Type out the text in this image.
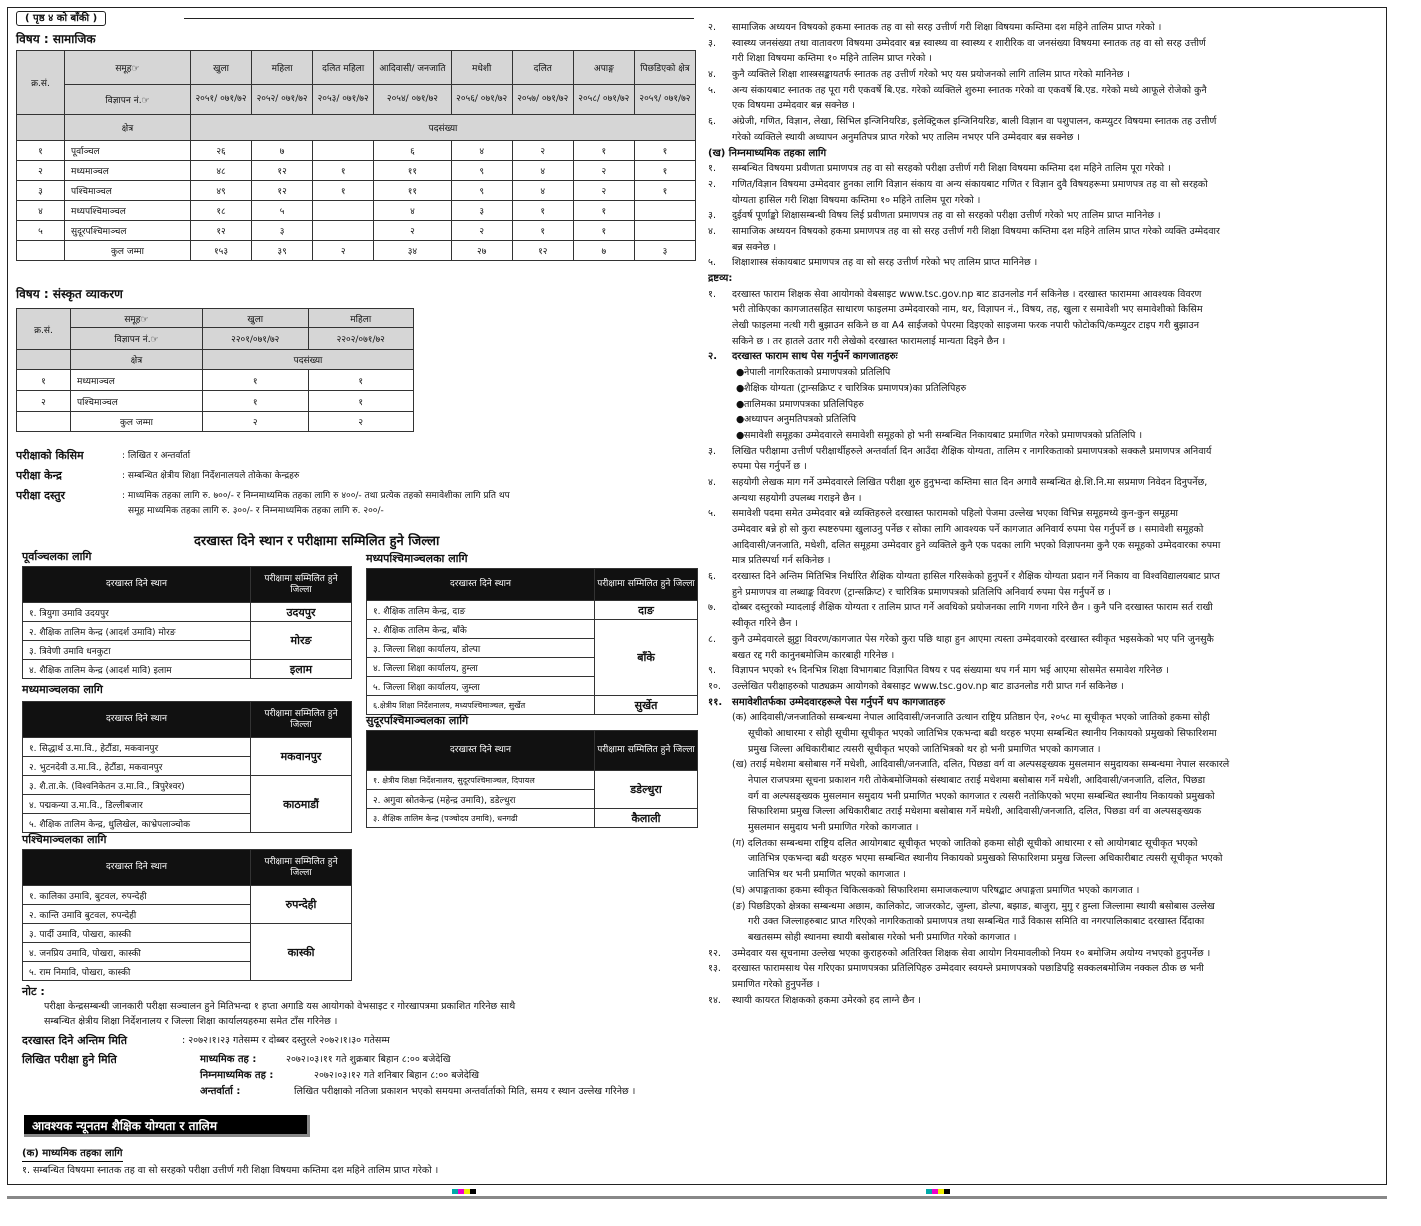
( पृष्ठ ४ को बाँकी )
विषय : सामाजिक
क्र.सं.	समूह☞	खुला	महिला	दलित महिला	आदिवासी/ जनजाति	मधेशी	दलित	अपाङ्ग	पिछडिएको क्षेत्र
	विज्ञापन नं.☞	२०५१/ ०७१/७२	२०५२/ ०७१/७२	२०५३/ ०७१/७२	२०५४/ ०७१/७२	२०५६/ ०७१/७२	२०५७/ ०७१/७२	२०५८/ ०७१/७२	२०५९/ ०७१/७२
	क्षेत्र	पदसंख्या							
१	पूर्वाञ्चल	२६	७		६	४	२	१	१
२	मध्यमाञ्चल	४८	१२	१	११	९	४	२	१
३	पश्चिमाञ्चल	४९	१२	१	११	९	४	२	१
४	मध्यपश्चिमाञ्चल	१८	५		४	३	१	१	
५	सुदूरपश्चिमाञ्चल	१२	३		२	२	१	१	
	कुल जम्मा	१५३	३९	२	३४	२७	१२	७	३
विषय : संस्कृत व्याकरण
क्र.सं.	समूह☞	खुला	महिला
	विज्ञापन नं.☞	२२०१/०७१/७२	२२०२/०७१/७२
	क्षेत्र	पदसंख्या	
१	मध्यमाञ्चल	१	१
२	पश्चिमाञ्चल	१	१
	कुल जम्मा	२	२
परीक्षाको किसिम	: लिखित र अन्तर्वार्ता
परीक्षा केन्द्र	: सम्बन्धित क्षेत्रीय शिक्षा निर्देशनालयले तोकेका केन्द्रहरु
परीक्षा दस्तुर	: माध्यमिक तहका लागि रु. ७००/- र निम्नमाध्यमिक तहका लागि रु ४००/- तथा प्रत्येक तहको समावेशीका लागि प्रति थप
समूह माध्यमिक तहका लागि रु. ३००/- र निम्नमाध्यमिक तहका लागि रु. २००/-
दरखास्त दिने स्थान र परीक्षामा सम्मिलित हुने जिल्ला
पूर्वाञ्चलका लागि
दरखास्त दिने स्थान	परीक्षामा सम्मिलित हुने जिल्ला
१. त्रियुगा उमावि उदयपुर	उदयपुर
२. शैक्षिक तालिम केन्द्र (आदर्श उमावि) मोरङ	मोरङ
३. त्रिवेणी उमावि धनकुटा	
४. शैक्षिक तालिम केन्द्र (आदर्श मावि) इलाम	इलाम
मध्यमाञ्चलका लागि
दरखास्त दिने स्थान	परीक्षामा सम्मिलित हुने जिल्ला
१. सिद्धार्थ उ.मा.वि., हेटौंडा, मकवानपुर	मकवानपुर
२. भुटनदेवी उ.मा.वि., हेटौंडा, मकवानपुर	
३. शै.ता.के. (विश्वनिकेतन उ.मा.वि., त्रिपुरेश्वर)	काठमाडौं
४. पद्मकन्या उ.मा.वि., डिल्लीबजार	
५. शैक्षिक तालिम केन्द्र, धुलिखेल, काभ्रेपलाञ्चोक	
पश्चिमाञ्चलका लागि
दरखास्त दिने स्थान	परीक्षामा सम्मिलित हुने जिल्ला
१. कालिका उमावि, बुटवल, रुपन्देही	रुपन्देही
२. कान्ति उमावि बुटवल, रुपन्देही	
३. पार्दी उमावि, पोखरा, कास्की	कास्की
४. जनप्रिय उमावि, पोखरा, कास्की	
५. राम निमावि, पोखरा, कास्की	
मध्यपश्चिमाञ्चलका लागि
दरखास्त दिने स्थान	परीक्षामा सम्मिलित हुने जिल्ला
१. शैक्षिक तालिम केन्द्र, दाङ	दाङ
२. शैक्षिक तालिम केन्द्र, बाँके	बाँके
३. जिल्ला शिक्षा कार्यालय, डोल्पा	
४. जिल्ला शिक्षा कार्यालय, हुम्ला	
५. जिल्ला शिक्षा कार्यालय, जुम्ला	
६.क्षेत्रीय शिक्षा निर्देशनालय, मध्यपश्चिमाञ्चल, सुर्खेत	सुर्खेत
सुदूरपश्चिमाञ्चलका लागि
दरखास्त दिने स्थान	परीक्षामा सम्मिलित हुने जिल्ला
१. क्षेत्रीय शिक्षा निर्देशनालय, सुदूरपश्चिमाञ्चल, दिपायल	डडेल्धुरा
२. अगुवा स्रोतकेन्द्र (महेन्द्र उमावि), डडेल्धुरा	
३. शैक्षिक तालिम केन्द्र (पञ्चोदय उमावि), धनगढी	कैलाली
नोट :
परीक्षा केन्द्रसम्बन्धी जानकारी परीक्षा सञ्चालन हुने मितिभन्दा १ हप्ता अगाडि यस आयोगको वेभसाइट र गोरखापत्रमा प्रकाशित गरिनेछ साथै
सम्बन्धित क्षेत्रीय शिक्षा निर्देशनालय र जिल्ला शिक्षा कार्यालयहरुमा समेत टाँस गरिनेछ ।
दरखास्त दिने अन्तिम मिति	: २०७२।१।२३ गतेसम्म र दोब्बर दस्तुरले २०७२।१।३० गतेसम्म
लिखित परीक्षा हुने मिति	माध्यमिक तह :	२०७२।०३।११ गते शुक्रबार बिहान ८:०० बजेदेखि
निम्नमाध्यमिक तह :	२०७२।०३।१२ गते शनिबार बिहान ८:०० बजेदेखि
अन्तर्वार्ता :	लिखित परीक्षाको नतिजा प्रकाशन भएको समयमा अन्तर्वार्ताको मिति, समय र स्थान उल्लेख गरिनेछ ।
आवश्यक न्यूनतम शैक्षिक योग्यता र तालिम
(क) माध्यमिक तहका लागि
१. सम्बन्धित विषयमा स्नातक तह वा सो सरहको परीक्षा उत्तीर्ण गरी शिक्षा विषयमा कम्तिमा दश महिने तालिम प्राप्त गरेको ।
२. सामाजिक अध्ययन विषयको हकमा स्नातक तह वा सो सरह उत्तीर्ण गरी शिक्षा विषयमा कम्तिमा दश महिने तालिम प्राप्त गरेको ।
३. स्वास्थ्य जनसंख्या तथा वातावरण विषयमा उम्मेदवार बन्न स्वास्थ्य वा स्वास्थ्य र शारीरिक वा जनसंख्या विषयमा स्नातक तह वा सो सरह उत्तीर्ण
गरी शिक्षा विषयमा कम्तिमा १० महिने तालिम प्राप्त गरेको ।
४. कुनै व्यक्तिले शिक्षा शास्त्रसङ्कायतर्फ स्नातक तह उत्तीर्ण गरेको भए यस प्रयोजनको लागि तालिम प्राप्त गरेको मानिनेछ ।
५. अन्य संकायबाट स्नातक तह पूरा गरी एकवर्षे बि.एड. गरेको व्यक्तिले शुरुमा स्नातक गरेको वा एकवर्षे बि.एड. गरेको मध्ये आफूले रोजेको कुनै
एक विषयमा उम्मेदवार बन्न सक्नेछ ।
६. अंग्रेजी, गणित, विज्ञान, लेखा, सिभिल इन्जिनियरिङ, इलेक्ट्रिकल इन्जिनियरिङ, बाली विज्ञान वा पशुपालन, कम्प्युटर विषयमा स्नातक तह उत्तीर्ण
गरेको व्यक्तिले स्थायी अध्यापन अनुमतिपत्र प्राप्त गरेको भए तालिम नभएर पनि उम्मेदवार बन्न सक्नेछ ।
(ख) निम्नमाध्यमिक तहका लागि
१. सम्बन्धित विषयमा प्रवीणता प्रमाणपत्र तह वा सो सरहको परीक्षा उत्तीर्ण गरी शिक्षा विषयमा कम्तिमा दश महिने तालिम पूरा गरेको ।
२. गणित/विज्ञान विषयमा उम्मेदवार हुनका लागि विज्ञान संकाय वा अन्य संकायबाट गणित र विज्ञान दुवै विषयहरूमा प्रमाणपत्र तह वा सो सरहको
योग्यता हासिल गरी शिक्षा विषयमा कम्तिमा १० महिने तालिम पूरा गरेको ।
३. दुईवर्ष पूर्णाङ्को शिक्षासम्बन्धी विषय लिई प्रवीणता प्रमाणपत्र तह वा सो सरहको परीक्षा उत्तीर्ण गरेको भए तालिम प्राप्त मानिनेछ ।
४. सामाजिक अध्ययन विषयको हकमा प्रमाणपत्र तह वा सो सरह उत्तीर्ण गरी शिक्षा विषयमा कम्तिमा दश महिने तालिम प्राप्त गरेको व्यक्ति उम्मेदवार
बन्न सक्नेछ ।
५. शिक्षाशास्त्र संकायबाट प्रमाणपत्र तह वा सो सरह उत्तीर्ण गरेको भए तालिम प्राप्त मानिनेछ ।
द्रष्टव्य:
१. दरखास्त फाराम शिक्षक सेवा आयोगको वेबसाइट www.tsc.gov.np बाट डाउनलोड गर्न सकिनेछ । दरखास्त फाराममा आवश्यक विवरण
भरी तोकिएका कागजातसहित साधारण फाइलमा उम्मेदवारको नाम, थर, विज्ञापन नं., विषय, तह, खुला र समावेशी भए समावेशीको किसिम
लेखी फाइलमा नत्थी गरी बुझाउन सकिने छ वा A4 साईजको पेपरमा दिइएको साइजमा फरक नपारी फोटोकपि/कम्प्युटर टाइप गरी बुझाउन
सकिने छ । तर हातले उतार गरी लेखेको दरखास्त फारामलाई मान्यता दिइने छैन ।
२. दरखास्त फाराम साथ पेस गर्नुपर्ने कागजातहरुः
●नेपाली नागरिकताको प्रमाणपत्रको प्रतिलिपि
●शैक्षिक योग्यता (ट्रान्सक्रिप्ट र चारित्रिक प्रमाणपत्र)का प्रतिलिपिहरु
●तालिमका प्रमाणपत्रका प्रतिलिपिहरु
●अध्यापन अनुमतिपत्रको प्रतिलिपि
●समावेशी समूहका उम्मेदवारले समावेशी समूहको हो भनी सम्बन्धित निकायबाट प्रमाणित गरेको प्रमाणपत्रको प्रतिलिपि ।
३. लिखित परीक्षामा उत्तीर्ण परीक्षार्थीहरुले अन्तर्वार्ता दिन आउँदा शैक्षिक योग्यता, तालिम र नागरिकताको प्रमाणपत्रको सक्कलै प्रमाणपत्र अनिवार्य
रुपमा पेस गर्नुपर्ने छ ।
४. सहयोगी लेखक माग गर्ने उम्मेदवारले लिखित परीक्षा शुरु हुनुभन्दा कम्तिमा सात दिन अगावै सम्बन्धित क्षे.शि.नि.मा सप्रमाण निवेदन दिनुपर्नेछ,
अन्यथा सहयोगी उपलब्ध गराइने छैन ।
५. समावेशी पदमा समेत उम्मेदवार बन्ने व्यक्तिहरुले दरखास्त फारामको पहिलो पेजमा उल्लेख भएका विभिन्न समूहमध्ये कुन-कुन समूहमा
उम्मेदवार बन्ने हो सो कुरा स्पष्टरुपमा खुलाउनु पर्नेछ र सोका लागि आवश्यक पर्ने कागजात अनिवार्य रुपमा पेस गर्नुपर्ने छ । समावेशी समूहको
आदिवासी/जनजाति, मधेशी, दलित समूहमा उम्मेदवार हुने व्यक्तिले कुनै एक पदका लागि भएको विज्ञापनमा कुनै एक समूहको उम्मेदवारका रुपमा
मात्र प्रतिस्पर्धा गर्न सकिनेछ ।
६. दरखास्त दिने अन्तिम मितिभित्र निर्धारित शैक्षिक योग्यता हासिल गरिसकेको हुनुपर्ने र शैक्षिक योग्यता प्रदान गर्ने निकाय वा विश्वविद्यालयबाट प्राप्त
हुने प्रमाणपत्र वा लब्धाङ्क विवरण (ट्रान्सक्रिप्ट) र चारित्रिक प्रमाणपत्रको प्रतिलिपि अनिवार्य रुपमा पेस गर्नुपर्ने छ ।
७. दोब्बर दस्तुरको म्यादलाई शैक्षिक योग्यता र तालिम प्राप्त गर्ने अवधिको प्रयोजनका लागि गणना गरिने छैन । कुनै पनि दरखास्त फाराम सर्त राखी
स्वीकृत गरिने छैन ।
८. कुनै उम्मेदवारले झुट्टा विवरण/कागजात पेस गरेको कुरा पछि थाहा हुन आएमा त्यस्ता उम्मेदवारको दरखास्त स्वीकृत भइसकेको भए पनि जुनसुकै
बखत रद्द गरी कानुनबमोजिम कारबाही गरिनेछ ।
९. विज्ञापन भएको १५ दिनभित्र शिक्षा विभागबाट विज्ञापित विषय र पद संख्यामा थप गर्न माग भई आएमा सोसमेत समावेश गरिनेछ ।
१०. उल्लेखित परीक्षाहरुको पाठ्यक्रम आयोगको वेबसाइट www.tsc.gov.np बाट डाउनलोड गरी प्राप्त गर्न सकिनेछ ।
११. समावेशीतर्फका उम्मेदवारहरूले पेस गर्नुपर्ने थप कागजातहरु
(क) आदिवासी/जनजातिको सम्बन्धमा नेपाल आदिवासी/जनजाति उत्थान राष्ट्रिय प्रतिष्ठान ऐन, २०५८ मा सूचीकृत भएको जातिको हकमा सोही
सूचीको आधारमा र सोही सूचीमा सूचीकृत भएको जातिभित्र एकभन्दा बढी थरहरु भएमा सम्बन्धित स्थानीय निकायको प्रमुखको सिफारिशमा
प्रमुख जिल्ला अधिकारीबाट त्यसरी सूचीकृत भएको जातिभित्रको थर हो भनी प्रमाणित भएको कागजात ।
(ख) तराई मधेशमा बसोबास गर्ने मधेशी, आदिवासी/जनजाति, दलित, पिछडा वर्ग वा अल्पसङ्ख्यक मुसलमान समुदायका सम्बन्धमा नेपाल सरकारले
नेपाल राजपत्रमा सूचना प्रकाशन गरी तोकेबमोजिमको संस्थाबाट तराई मधेशमा बसोबास गर्ने मधेशी, आदिवासी/जनजाति, दलित, पिछडा
वर्ग वा अल्पसङ्ख्यक मुसलमान समुदाय भनी प्रमाणित भएको कागजात र त्यसरी नतोकिएको भएमा सम्बन्धित स्थानीय निकायको प्रमुखको
सिफारिशमा प्रमुख जिल्ला अधिकारीबाट तराई मधेशमा बसोबास गर्ने मधेशी, आदिवासी/जनजाति, दलित, पिछडा वर्ग वा अल्पसङ्ख्यक
मुसलमान समुदाय भनी प्रमाणित गरेको कागजात ।
(ग) दलितका सम्बन्धमा राष्ट्रिय दलित आयोगबाट सूचीकृत भएको जातिको हकमा सोही सूचीको आधारमा र सो आयोगबाट सूचीकृत भएको
जातिभित्र एकभन्दा बढी थरहरु भएमा सम्बन्धित स्थानीय निकायको प्रमुखको सिफारिशमा प्रमुख जिल्ला अधिकारीबाट त्यसरी सूचीकृत भएको
जातिभित्र थर भनी प्रमाणित भएको कागजात ।
(घ) अपाङ्गताका हकमा स्वीकृत चिकित्सकको सिफारिशमा समाजकल्याण परिषद्बाट अपाङ्गता प्रमाणित भएको कागजात ।
(ङ) पिछडिएको क्षेत्रका सम्बन्धमा अछाम, कालिकोट, जाजरकोट, जुम्ला, डोल्पा, बझाङ, बाजुरा, मुगु र हुम्ला जिल्लामा स्थायी बसोबास उल्लेख
गरी उक्त जिल्लाहरुबाट प्राप्त गरिएको नागरिकताको प्रमाणपत्र तथा सम्बन्धित गाउँ विकास समिति वा नगरपालिकाबाट दरखास्त दिँदाका
बखतसम्म सोही स्थानमा स्थायी बसोबास गरेको भनी प्रमाणित गरेको कागजात ।
१२. उम्मेदवार यस सूचनामा उल्लेख भएका कुराहरुको अतिरिक्त शिक्षक सेवा आयोग नियमावलीको नियम १० बमोजिम अयोग्य नभएको हुनुपर्नेछ ।
१३. दरखास्त फारामसाथ पेस गरिएका प्रमाणपत्रका प्रतिलिपिहरु उम्मेदवार स्वयम्ले प्रमाणपत्रको पछाडिपट्टि सक्कलबमोजिम नक्कल ठीक छ भनी
प्रमाणित गरेको हुनुपर्नेछ ।
१४. स्थायी कायरत शिक्षकको हकमा उमेरको हद लाग्ने छैन ।
